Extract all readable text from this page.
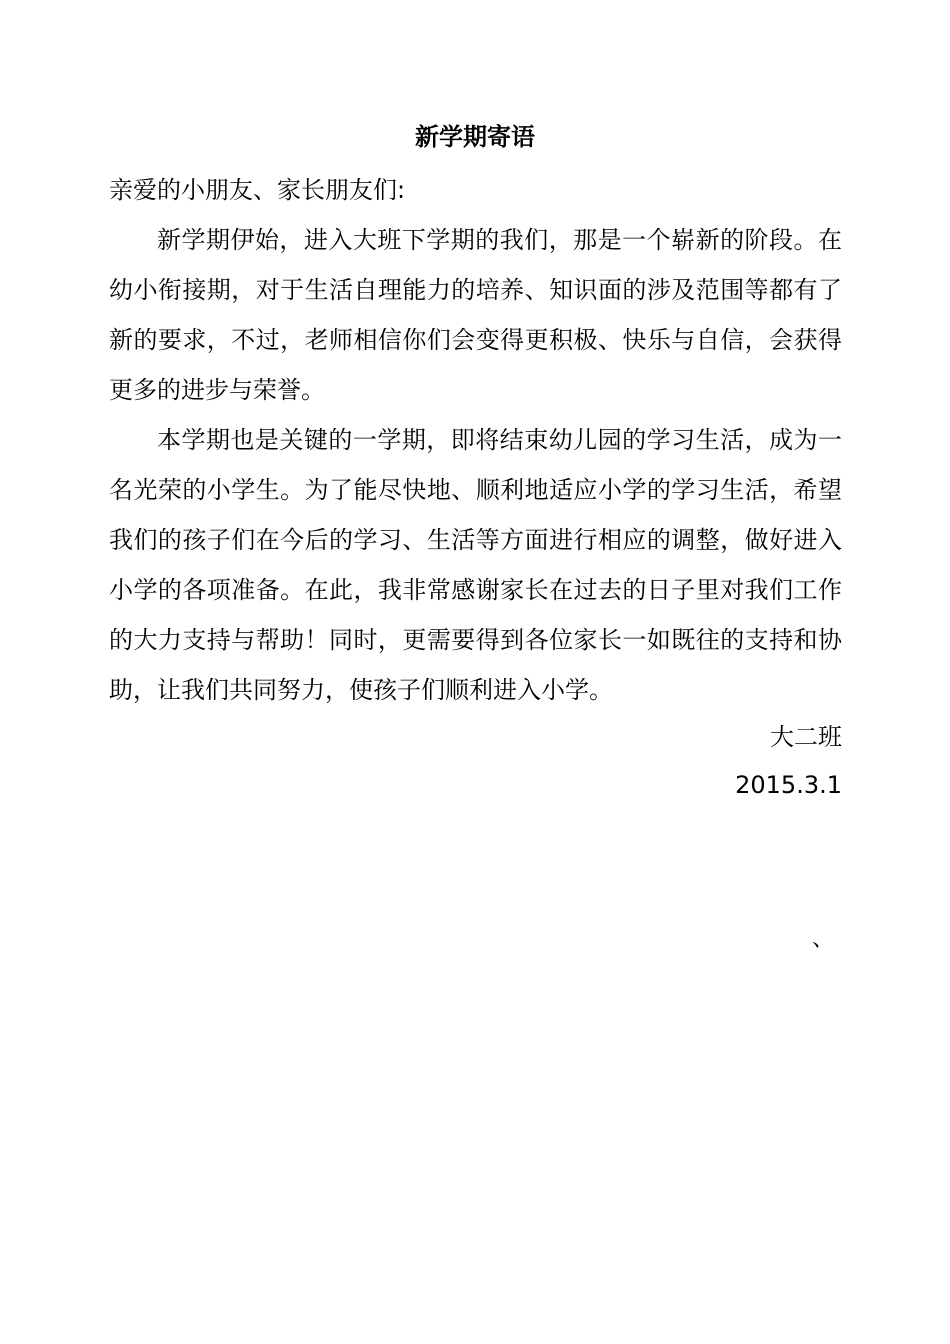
新学期寄语

亲爱的小朋友、家长朋友们:

新学期伊始，进入大班下学期的我们，那是一个崭新的阶段。在幼小衔接期，对于生活自理能力的培养、知识面的涉及范围等都有了新的要求，不过，老师相信你们会变得更积极、快乐与自信，会获得更多的进步与荣誉。

本学期也是关键的一学期，即将结束幼儿园的学习生活，成为一名光荣的小学生。为了能尽快地、顺利地适应小学的学习生活，希望我们的孩子们在今后的学习、生活等方面进行相应的调整，做好进入小学的各项准备。在此，我非常感谢家长在过去的日子里对我们工作的大力支持与帮助！同时，更需要得到各位家长一如既往的支持和协助，让我们共同努力，使孩子们顺利进入小学。

大二班
2015.3.1
、
